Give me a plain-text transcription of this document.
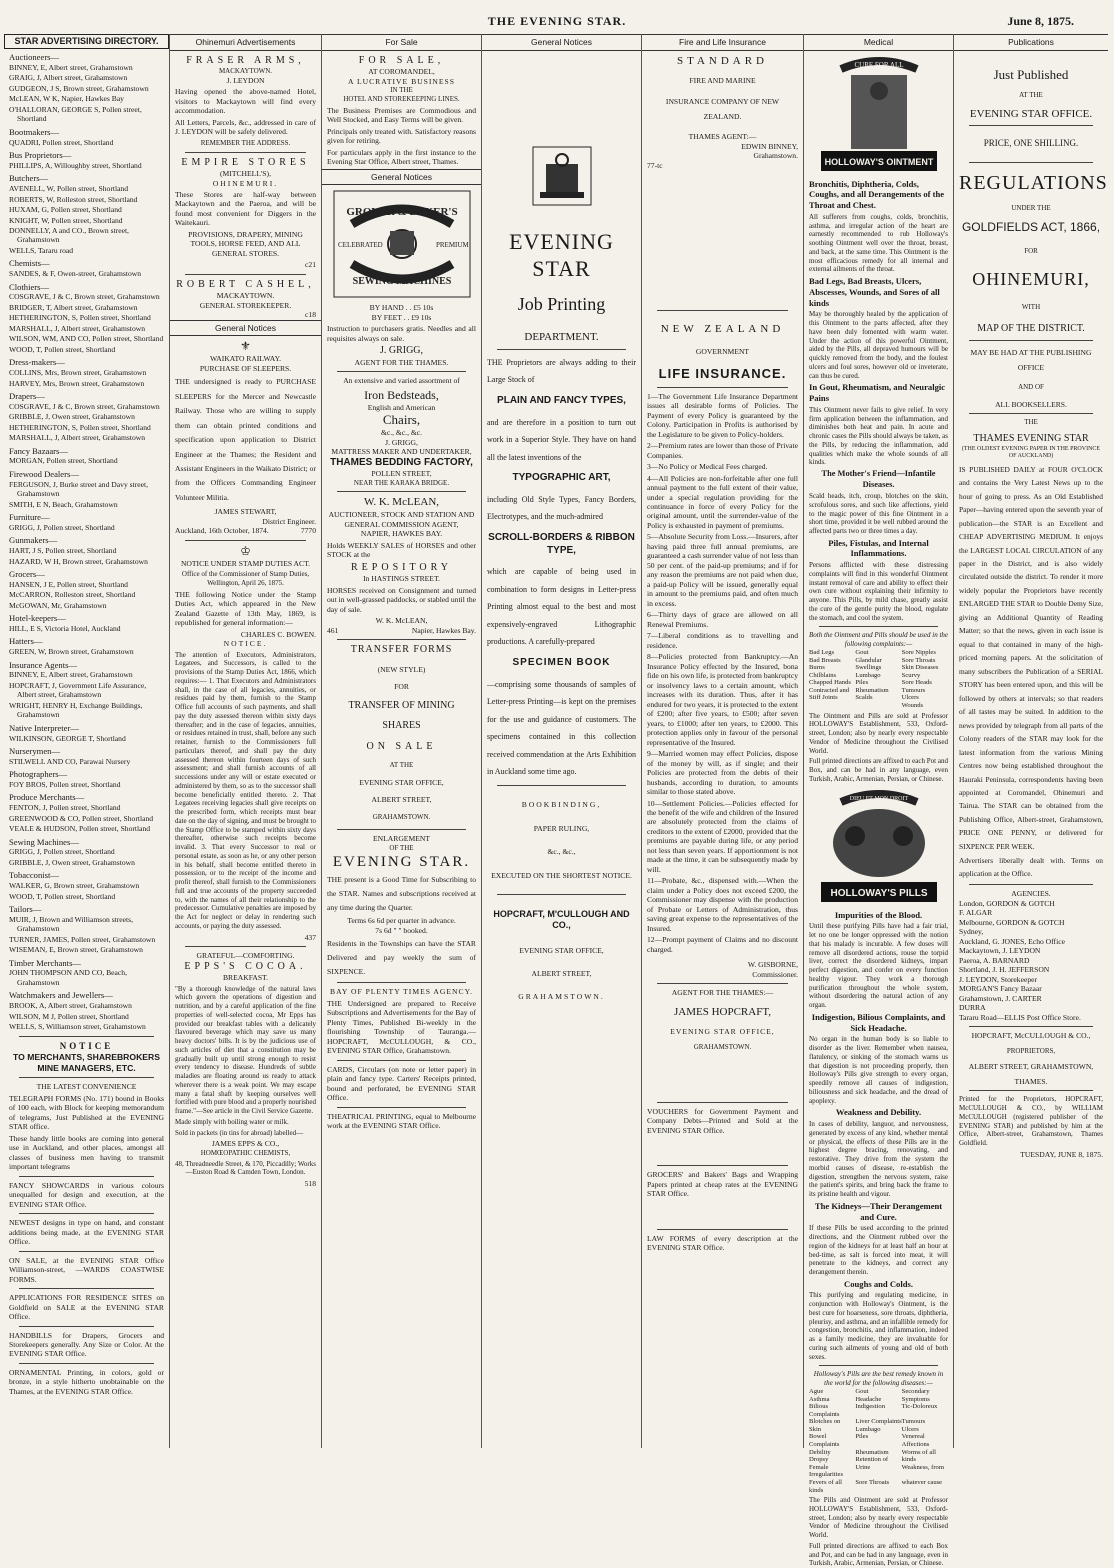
THE EVENING STAR.	June 8, 1875.
STAR ADVERTISING DIRECTORY.
Auctioneers—

BINNEY, E, Albert street, Grahamstown

GRAIG, J, Albert street, Grahamstown

GUDGEON, J S, Brown street, Grahamstown

McLEAN, W K, Napier, Hawkes Bay

O'HALLORAN, GEORGE S, Pollen street, Shortland

Bootmakers—

QUADRI, Pollen street, Shortland

Bus Proprietors—

PHILLIPS, A, Willoughby street, Shortland

Butchers—

AVENELL, W, Pollen street, Shortland

ROBERTS, W, Rolleston street, Shortland

HUXAM, G, Pollen street, Shortland

KNIGHT, W, Pollen street, Shortland

DONNELLY, A and CO., Brown street, Grahamstown

WELLS, Tararu road

Chemists—

SANDES, & F, Owen-street, Grahamstown

Clothiers—

COSGRAVE, J & C, Brown street, Grahamstown

BRIDGER, T, Albert street, Grahamstown

HETHERINGTON, S, Pollen street, Shortland

MARSHALL, J, Albert street, Grahamstown

WILSON, WM, AND CO, Pollen street, Shortland

WOOD, T, Pollen street, Shortland

Dress-makers—

COLLINS, Mrs, Brown street, Grahamstown

HARVEY, Mrs, Brown street, Grahamstown

Drapers—

COSGRAVE, J & C, Brown street, Grahamstown

GRIBBLE, J, Owen street, Grahamstown

HETHERINGTON, S, Pollen street, Shortland

MARSHALL, J, Albert street, Grahamstown

Fancy Bazaars—

MORGAN, Pollen street, Shortland

Firewood Dealers—

FERGUSON, J, Burke street and Davy street, Grahamstown

SMITH, E N, Beach, Grahamstown

Furniture—

GRIGG, J, Pollen street, Shortland

Gunmakers—

HART, J S, Pollen street, Shortland

HAZARD, W H, Brown street, Grahamstown

Grocers—

HANSEN, J E, Pollen street, Shortland

McCARRON, Rolleston street, Shortland

McGOWAN, Mr, Grahamstown

Hotel-keepers—

HILL, E S, Victoria Hotel, Auckland

Hatters—

GREEN, W, Brown street, Grahamstown

Insurance Agents—

BINNEY, E, Albert street, Grahamstown

HOPCRAFT, J, Government Life Assurance, Albert street, Grahamstown

WRIGHT, HENRY H, Exchange Buildings, Grahamstown

Native Interpreter—

WILKINSON, GEORGE T, Shortland

Nurserymen—

STILWELL AND CO, Parawai Nursery

Photographers—

FOY BROS, Pollen street, Shortland

Produce Merchants—

FENTON, J, Pollen street, Shortland

GREENWOOD & CO, Pollen street, Shortland

VEALE & HUDSON, Pollen street, Shortland

Sewing Machines—

GRIGG, J, Pollen street, Shortland

GRIBBLE, J, Owen street, Grahamstown

Tobacconist—

WALKER, G, Brown street, Grahamstown

WOOD, T, Pollen street, Shortland

Tailors—

MUIR, J, Brown and Williamson streets, Grahamstown

TURNER, JAMES, Pollen street, Grahamstown

WISEMAN, E, Brown street, Grahamstown

Timber Merchants—

JOHN THOMPSON AND CO, Beach, Grahamstown

Watchmakers and Jewellers—

BROOK, A, Albert street, Grahamstown

WILSON, M J, Pollen street, Shortland

WELLS, S, Williamson street, Grahamstown

NOTICE
TO MERCHANTS, SHAREBROKERS MINE MANAGERS, ETC.
THE LATEST CONVENIENCE

TELEGRAPH FORMS (No. 171) bound in Books of 100 each, with Block for keeping memorandum of telegrams, Just Published at the EVENING STAR office.

These handy little books are coming into general use in Auckland, and other places, amongst all classes of business men having to transmit important telegrams

FANCY SHOWCARDS in various colours unequalled for design and execution, at the EVENING STAR Office.

NEWEST designs in type on hand, and constant additions being made, at the EVENING STAR Office.

ON SALE, at the EVENING STAR Office Williamson-street, —WARDS COASTWISE FORMS.

APPLICATIONS FOR RESIDENCE SITES on Goldfield on SALE at the EVENING STAR Office.

HANDBILLS for Drapers, Grocers and Storekeepers generally. Any Size or Color. At the EVENING STAR Office.

ORNAMENTAL Printing, in colors, gold or bronze, in a style hitherto unobtainable on the Thames, at the EVENING STAR Office.

Ohinemuri Advertisements
FRASER ARMS,
MACKAYTOWN.
J. LEYDON

Having opened the above-named Hotel, visitors to Mackaytown will find every accommodation.

All Letters, Parcels, &c., addressed in care of J. LEYDON will be safely delivered.

REMEMBER THE ADDRESS.
EMPIRE STORES
(MITCHELL'S),
OHINEMURI.

These Stores are half-way between Mackaytown and the Paeroa, and will be found most convenient for Diggers in the Waitekauri.

PROVISIONS, DRAPERY, MINING TOOLS, HORSE FEED, AND ALL GENERAL STORES.

c21
ROBERT CASHEL,
MACKAYTOWN.
GENERAL STOREKEEPER.
c18
General Notices
⚜
WAIKATO RAILWAY.
PURCHASE OF SLEEPERS.

THE undersigned is ready to PURCHASE SLEEPERS for the Mercer and Newcastle Railway. Those who are willing to supply them can obtain printed conditions and specification upon application to District Engineer at the Thames; the Resident and Assistant Engineers in the Waikato District; or from the Officers Commanding Engineer Volunteer Militia.

JAMES STEWART,
District Engineer.
Auckland, 16th October, 1874.	7770
♔
NOTICE UNDER STAMP DUTIES ACT.

Office of the Commissioner of Stamp Duties, Wellington, April 26, 1875.

THE following Notice under the Stamp Duties Act, which appeared in the New Zealand Gazette of 13th May, 1869, is republished for general information:—

CHARLES C. BOWEN.
NOTICE.

The attention of Executors, Administrators, Legatees, and Successors, is called to the provisions of the Stamp Duties Act, 1866, which requires:— 1. That Executors and Administrators shall, in the case of all legacies, annuities, or residues paid by them, furnish to the Stamp Office full accounts of such payments, and shall pay the duty assessed thereon within sixty days thereafter; and in the case of legacies, annuities, or residues retained in trust, shall, before any such retainer, furnish to the Commissioners full particulars thereof, and shall pay the duty assessed thereon within fourteen days of such assessment; and shall furnish accounts of all successions under any will or estate executed or administered by them, so as to the successor shall become beneficially entitled thereto. 2. That Legatees receiving legacies shall give receipts on the prescribed form, which receipts must bear date on the day of signing, and must be brought to the Stamp Office to be stamped within sixty days thereafter, otherwise such receipts become invalid. 3. That every Successor to real or personal estate, as soon as he, or any other person in his behalf, shall become entitled thereto in possession, or to the receipt of the income and profit thereof, shall furnish to the Commissioners full and true accounts of the property succeeded to, with the names of all their relationship to the predecessor. Cumulative penalties are imposed by the Act for neglect or delay in rendering such accounts, or paying the duty assessed.

437
GRATEFUL—COMFORTING.
EPPS'S COCOA.
BREAKFAST.

"By a thorough knowledge of the natural laws which govern the operations of digestion and nutrition, and by a careful application of the fine properties of well-selected cocoa, Mr Epps has provided our breakfast tables with a delicately flavoured beverage which may save us many heavy doctors' bills. It is by the judicious use of such articles of diet that a constitution may be gradually built up until strong enough to resist every tendency to disease. Hundreds of subtle maladies are floating around us ready to attack wherever there is a weak point. We may escape many a fatal shaft by keeping ourselves well fortified with pure blood and a properly nourished frame."—See article in the Civil Service Gazette.

Made simply with boiling water or milk.

Sold in packets (in tins for abroad) labelled—

JAMES EPPS & CO.,
HOMŒOPATHIC CHEMISTS,

48, Threadneedle Street, & 170, Piccadilly; Works—Euston Road & Camden Town, London.

518
For Sale
FOR SALE,
AT COROMANDEL,
A LUCRATIVE BUSINESS
IN THE
HOTEL AND STOREKEEPING LINES.

The Business Premises are Commodious and Well Stocked, and Easy Terms will be given.

Principals only treated with. Satisfactory reasons given for retiring.

For particulars apply in the first instance to the Evening Star Office, Albert street, Thames.

General Notices
GROVER & BAKER'S
CELEBRATED	PREMIUM
SEWING MACHINES
BY HAND . . £5 10s
BY FEET . . £9 10s

Instruction to purchasers gratis. Needles and all requisites always on sale.

J. GRIGG,
AGENT FOR THE THAMES.

An extensive and varied assortment of

Iron Bedsteads,
English and American
Chairs,
&c., &c., &c.
J. GRIGG,
MATTRESS MAKER AND UNDERTAKER,
THAMES BEDDING FACTORY,
POLLEN STREET,
NEAR THE KARAKA BRIDGE.
W. K. McLEAN,
AUCTIONEER, STOCK AND STATION AND GENERAL COMMISSION AGENT,
NAPIER, HAWKES BAY.

Holds WEEKLY SALES of HORSES and other STOCK at the

REPOSITORY
In HASTINGS STREET.

HORSES received on Consignment and turned out in well-grassed paddocks, or stabled until the day of sale.

W. K. McLEAN,
461	Napier, Hawkes Bay.
TRANSFER FORMS
(NEW STYLE)
FOR
TRANSFER OF MINING
SHARES
ON SALE
AT THE
EVENING STAR OFFICE,
ALBERT STREET,
GRAHAMSTOWN.
ENLARGEMENT
OF THE
EVENING STAR.

THE present is a Good Time for Subscribing to the STAR. Names and subscriptions received at any time during the Quarter.

Terms 6s 6d per quarter in advance.
7s 6d " " booked.

Residents in the Townships can have the STAR Delivered and pay weekly the sum of SIXPENCE.

BAY OF PLENTY TIMES AGENCY.

THE Undersigned are prepared to Receive Subscriptions and Advertisements for the Bay of Plenty Times, Published Bi-weekly in the flourishing Township of Tauranga.— HOPCRAFT, McCULLOUGH, & CO., EVENING STAR Office, Grahamstown.

CARDS, Circulars (on note or letter paper) in plain and fancy type. Carters' Receipts printed, bound and perforated, be EVENING STAR Office.

THEATRICAL PRINTING, equal to Melbourne work at the EVENING STAR Office.

General Notices
EVENING STAR
Job Printing
DEPARTMENT.

THE Proprietors are always adding to their Large Stock of

PLAIN AND FANCY TYPES,

and are therefore in a position to turn out work in a Superior Style. They have on hand all the latest inventions of the

TYPOGRAPHIC ART,

including Old Style Types, Fancy Borders, Electrotypes, and the much-admired

SCROLL-BORDERS & RIBBON TYPE,

which are capable of being used in combination to form designs in Letter-press Printing almost equal to the best and most expensively-engraved Lithographic productions. A carefully-prepared

SPECIMEN BOOK

—comprising some thousands of samples of Letter-press Printing—is kept on the premises for the use and guidance of customers. The specimens contained in this collection received commendation at the Arts Exhibition in Auckland some time ago.

BOOKBINDING,
PAPER RULING,
&c., &c.,
EXECUTED ON THE SHORTEST NOTICE.
HOPCRAFT, M'CULLOUGH AND CO.,
EVENING STAR OFFICE,
ALBERT STREET,
GRAHAMSTOWN.
Fire and Life Insurance
STANDARD
FIRE AND MARINE
INSURANCE COMPANY OF NEW ZEALAND.
THAMES AGENT:—
EDWIN BINNEY,
Grahamstown.
77-tc
NEW ZEALAND
GOVERNMENT
LIFE INSURANCE.

1—The Government Life Insurance Department issues all desirable forms of Policies. The Payment of every Policy is guaranteed by the Colony. Participation in Profits is authorised by the Legislature to be given to Policy-holders.

2—Premium rates are lower than those of Private Companies.

3—No Policy or Medical Fees charged.

4—All Policies are non-forfeitable after one full annual payment to the full extent of their value, under a special regulation providing for the continuance in force of every Policy for the original amount, until the surrender-value of the Policy is exhausted in payment of premiums.

5—Absolute Security from Loss.—Insurers, after having paid three full annual premiums, are guaranteed a cash surrender value of not less than 50 per cent. of the paid-up premiums; and if for any reason the premiums are not paid when due, a paid-up Policy will be issued, generally equal in amount to the premiums paid, and often much in excess.

6—Thirty days of grace are allowed on all Renewal Premiums.

7—Liberal conditions as to travelling and residence.

8—Policies protected from Bankruptcy.—An Insurance Policy effected by the Insured, bona fide on his own life, is protected from bankruptcy or insolvency laws to a certain amount, which increases with its duration. Thus, after it has endured for two years, it is protected to the extent of £200; after five years, to £500; after seven years, to £1000; after ten years, to £2000. This protection applies only in favour of the personal representative of the Insured.

9—Married women may effect Policies, dispose of the money by will, as if single; and their Policies are protected from the debts of their husbands, according to duration, to amounts similar to those stated above.

10—Settlement Policies.—Policies effected for the benefit of the wife and children of the Insured are absolutely protected from the claims of creditors to the extent of £2000, provided that the premiums are payable during life, or any period not less than seven years. If apportionment is not made at the time, it can be subsequently made by will.

11—Probate, &c., dispensed with.—When the claim under a Policy does not exceed £200, the Commissioner may dispense with the production of Probate or Letters of Administration, thus saving great expense to the representatives of the Insured.

12—Prompt payment of Claims and no discount charged.

W. GISBORNE,
Commissioner.
AGENT FOR THE THAMES:—
JAMES HOPCRAFT,
EVENING STAR OFFICE,
GRAHAMSTOWN.

VOUCHERS for Government Payment and Company Debts—Printed and Sold at the EVENING STAR Office.

GROCERS' and Bakers' Bags and Wrapping Papers printed at cheap rates at the EVENING STAR Office.

LAW FORMS of every description at the EVENING STAR Office.

Medical
CURE FOR ALL
HOLLOWAY'S OINTMENT
Bronchitis, Diphtheria, Colds, Coughs, and all Derangements of the Throat and Chest.

All sufferers from coughs, colds, bronchitis, asthma, and irregular action of the heart are earnestly recommended to rub Holloway's soothing Ointment well over the throat, breast, and back, at the same time. This Ointment is the most efficacious remedy for all internal and external ailments of the throat.

Bad Legs, Bad Breasts, Ulcers, Abscesses, Wounds, and Sores of all kinds

May be thoroughly healed by the application of this Ointment to the parts affected, after they have been duly fomented with warm water. Under the action of this powerful Ointment, aided by the Pills, all depraved humours will be quickly removed from the body, and the foulest ulcers and foul sores, however old or inveterate, can thus be cured.

In Gout, Rheumatism, and Neuralgic Pains

This Ointment never fails to give relief. In very firm application between the inflammation, and diminishes both heat and pain. In acute and chronic cases the Pills should always be taken, as the Pills, by reducing the inflammation, add qualities which make the whole sounds of all kinds.

The Mother's Friend—Infantile Diseases.

Scald heads, itch, croup, blotches on the skin, scrofulous sores, and such like affections, yield to the magic power of this fine Ointment in a short time, provided it be well rubbed around the affected parts two or three times a day.

Piles, Fistulas, and Internal Inflammations.

Persons afflicted with these distressing complaints will find in this wonderful Ointment instant removal of care and ability to effect their own cure without explaining their infirmity to anyone. This Pills, by mild chase, greatly assist the cure of the gentle purity the blood, regulate the stomach, and cool the system.

Both the Ointment and Pills should be used in the following complaints:—
Bad Legs	Gout	Sore Nipples
Bad Breasts	Glandular	Sore Throats
Burns	Swellings	Skin Diseases
Chilblains	Lumbago	Scurvy
Chapped Hands Piles	Sore Heads
Contracted and Rheumatism	Tumours
Stiff Joints	Scalds	Ulcers
Wounds

The Ointment and Pills are sold at Professor HOLLOWAY'S Establishment, 533, Oxford-street, London; also by nearly every respectable Vendor of Medicine throughout the Civilised World.

Full printed directions are affixed to each Pot and Box, and can be had in any language, even Turkish, Arabic, Armenian, Persian, or Chinese.

DIEU ET MON DROIT
HOLLOWAY'S PILLS
Impurities of the Blood.

Until these purifying Pills have had a fair trial, let no one be longer oppressed with the notion that his malady is incurable. A few doses will remove all disordered actions, rouse the torpid liver, correct the disordered kidneys, impart perfect digestion, and confer on every function healthy vigour. They work a thorough purification throughout the whole system, without disordering the natural action of any organ.

Indigestion, Bilious Complaints, and Sick Headache.

No organ in the human body is so liable to disorder as the liver. Remember when nausea, flatulency, or sinking of the stomach warns us that digestion is not proceeding properly, then Holloway's Pills give strength to every organ, speedily remove all causes of indigestion, biliousness and sick headache, and the dread of apoplexy.

Weakness and Debility.

In cases of debility, languor, and nervousness, generated by excess of any kind, whether mental or physical, the effects of these Pills are in the highest degree bracing, renovating, and restorative. They drive from the system the morbid causes of disease, re-establish the digestion, strengthen the nervous system, raise the patient's spirits, and bring back the frame to its pristine health and vigour.

The Kidneys—Their Derangement and Cure.

If these Pills be used according to the printed directions, and the Ointment rubbed over the region of the kidneys for at least half an hour at bed-time, as salt is forced into meat, it will penetrate to the kidneys, and correct any derangement therein.

Coughs and Colds.

This purifying and regulating medicine, in conjunction with Holloway's Ointment, is the best cure for hoarseness, sore throats, diphtheria, pleurisy, and asthma, and an infallible remedy for congestion, bronchitis, and inflammation, indeed as a family medicine, they are invaluable for curing such ailments of young and old of both sexes.

Holloway's Pills are the best remedy known in the world for the following diseases:—
Ague	Gout	Secondary
Asthma	Headache	Symptoms
Bilious Complaints
Indigestion	Tic-Doloreux
Blotches on	Liver Complaints Tumours
Skin	Lumbago	Ulcers
Bowel Complaints
Piles	Venereal Affections
Debility	Rheumatism	Worms of all
Dropsy	Retention of	kinds
Female Irregularities
Urine	Weakness, from
Fevers of all kinds
Sore Throats	whatever cause

The Pills and Ointment are sold at Professor HOLLOWAY'S Establishment, 533, Oxford-street, London; also by nearly every respectable Vendor of Medicine throughout the Civilised World.

Full printed directions are affixed to each Box and Pot, and can be had in any language, even in Turkish, Arabic, Armenian, Persian, or Chinese.

Publications
Just Published
AT THE
EVENING STAR OFFICE.
PRICE, ONE SHILLING.
REGULATIONS
UNDER THE
GOLDFIELDS ACT, 1866,
FOR
OHINEMURI,
WITH
MAP OF THE DISTRICT.
MAY BE HAD AT THE PUBLISHING OFFICE
AND OF
ALL BOOKSELLERS.
THE
THAMES EVENING STAR
(THE OLDEST EVENING PAPER IN THE PROVINCE OF AUCKLAND)

IS PUBLISHED DAILY at FOUR O'CLOCK and contains the Very Latest News up to the hour of going to press. As an Old Established Paper—having entered upon the seventh year of publication—the STAR is an Excellent and CHEAP ADVERTISING MEDIUM. It enjoys the LARGEST LOCAL CIRCULATION of any paper in the District, and is also widely circulated outside the district. To render it more widely popular the Proprietors have recently ENLARGED THE STAR to Double Demy Size, giving an Additional Quantity of Reading Matter; so that the news, given in each issue is equal to that contained in many of the high-priced morning papers. At the solicitation of many subscribers the Publication of a SERIAL STORY has been entered upon, and this will be followed by others at intervals; so that readers of all tastes may be suited. In addition to the news provided by telegraph from all parts of the Colony readers of the STAR may look for the latest information from the various Mining Centres now being established throughout the Hauraki Peninsula, correspondents having been appointed at Coromandel, Ohinemuri and Tairua. The STAR can be obtained from the Publishing Office, Albert-street, Grahamstown, PRICE ONE PENNY, or delivered for SIXPENCE PER WEEK.

Advertisers liberally dealt with. Terms on application at the Office.

AGENCIES.
London, GORDON & GOTCH
F. ALGAR
Melbourne, GORDON & GOTCH
Sydney,
Auckland, G. JONES, Echo Office
Mackaytown, J. LEYDON
Paeroa, A. BARNARD
Shortland, J. H. JEFFERSON
J. LEYDON, Storekeeper
MORGAN'S Fancy Bazaar
Grahamstown, J. CARTER
DURRA
Tararu Road—ELLIS Post Office Store.
HOPCRAFT, McCULLOUGH & CO.,
PROPRIETORS,
ALBERT STREET, GRAHAMSTOWN,
THAMES.

Printed for the Proprietors, HOPCRAFT, McCULLOUGH & CO., by WILLIAM McCULLOUGH (registered publisher of the EVENING STAR) and published by him at the Office, Albert-street, Grahamstown, Thames Goldfield.

TUESDAY, JUNE 8, 1875.
